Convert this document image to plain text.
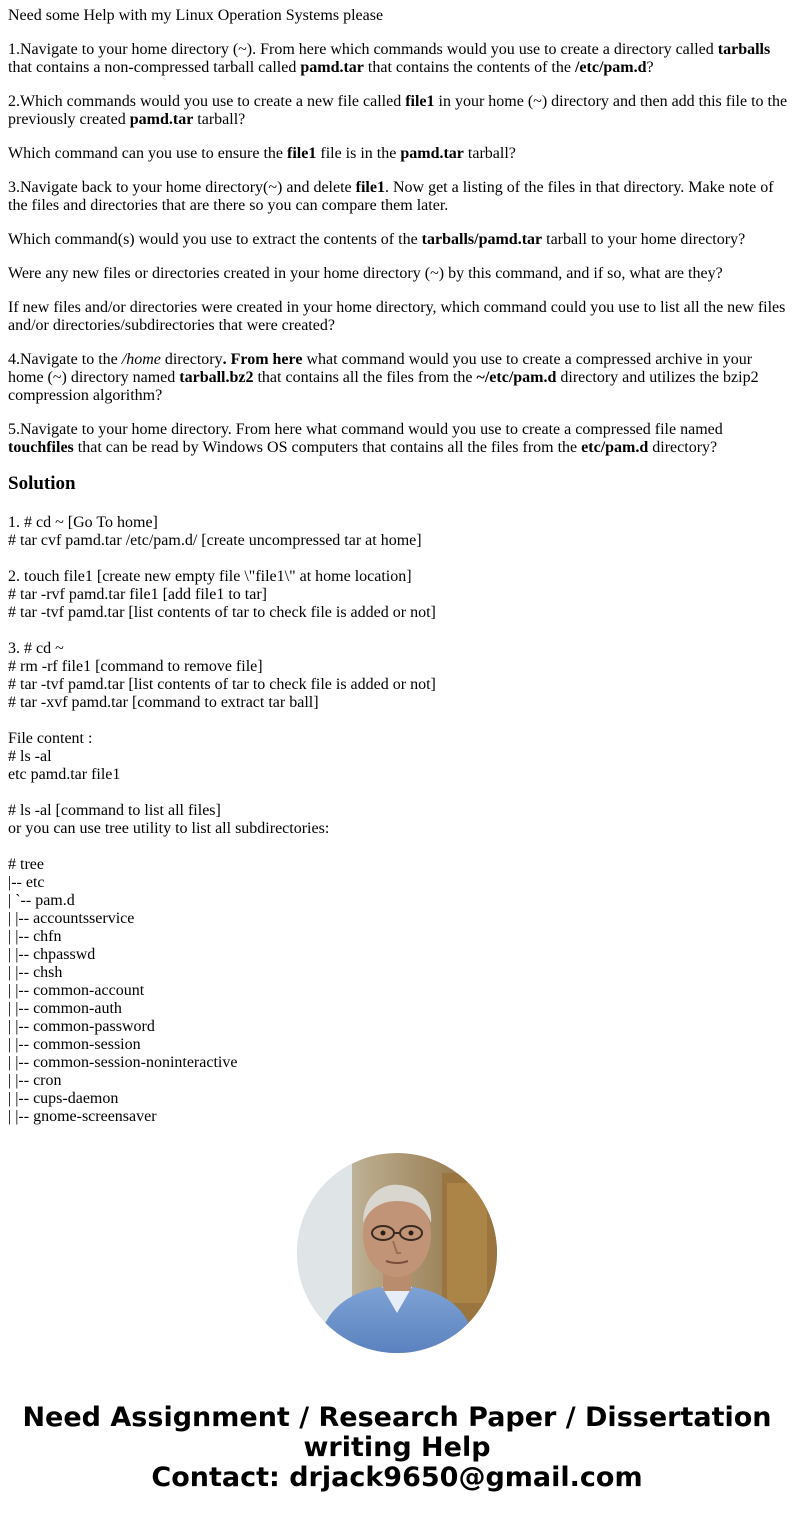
Need some Help with my Linux Operation Systems please

1.Navigate to your home directory (~). From here which commands would you use to create a directory called tarballs that contains a non-compressed tarball called pamd.tar that contains the contents of the /etc/pam.d?

2.Which commands would you use to create a new file called file1 in your home (~) directory and then add this file to the previously created pamd.tar tarball?

Which command can you use to ensure the file1 file is in the pamd.tar tarball?

3.Navigate back to your home directory(~) and delete file1. Now get a listing of the files in that directory. Make note of the files and directories that are there so you can compare them later.

Which command(s) would you use to extract the contents of the tarballs/pamd.tar tarball to your home directory?

Were any new files or directories created in your home directory (~) by this command, and if so, what are they?

If new files and/or directories were created in your home directory, which command could you use to list all the new files and/or directories/subdirectories that were created?

4.Navigate to the /home directory. From here what command would you use to create a compressed archive in your home (~) directory named tarball.bz2 that contains all the files from the ~/etc/pam.d directory and utilizes the bzip2 compression algorithm?

5.Navigate to your home directory. From here what command would you use to create a compressed file named touchfiles that can be read by Windows OS computers that contains all the files from the etc/pam.d directory?

Solution
1. # cd ~ [Go To home]
# tar cvf pamd.tar /etc/pam.d/ [create uncompressed tar at home]
2. touch file1 [create new empty file \"file1\" at home location]
# tar -rvf pamd.tar file1 [add file1 to tar]
# tar -tvf pamd.tar [list contents of tar to check file is added or not]
3. # cd ~
# rm -rf file1 [command to remove file]
# tar -tvf pamd.tar [list contents of tar to check file is added or not]
# tar -xvf pamd.tar [command to extract tar ball]
File content :
# ls -al
etc pamd.tar file1
# ls -al [command to list all files]
or you can use tree utility to list all subdirectories:
# tree
|-- etc
| `-- pam.d
| |-- accountsservice
| |-- chfn
| |-- chpasswd
| |-- chsh
| |-- common-account
| |-- common-auth
| |-- common-password
| |-- common-session
| |-- common-session-noninteractive
| |-- cron
| |-- cups-daemon
| |-- gnome-screensaver
Need Assignment / Research Paper / Dissertation
writing Help
Contact: drjack9650@gmail.com
